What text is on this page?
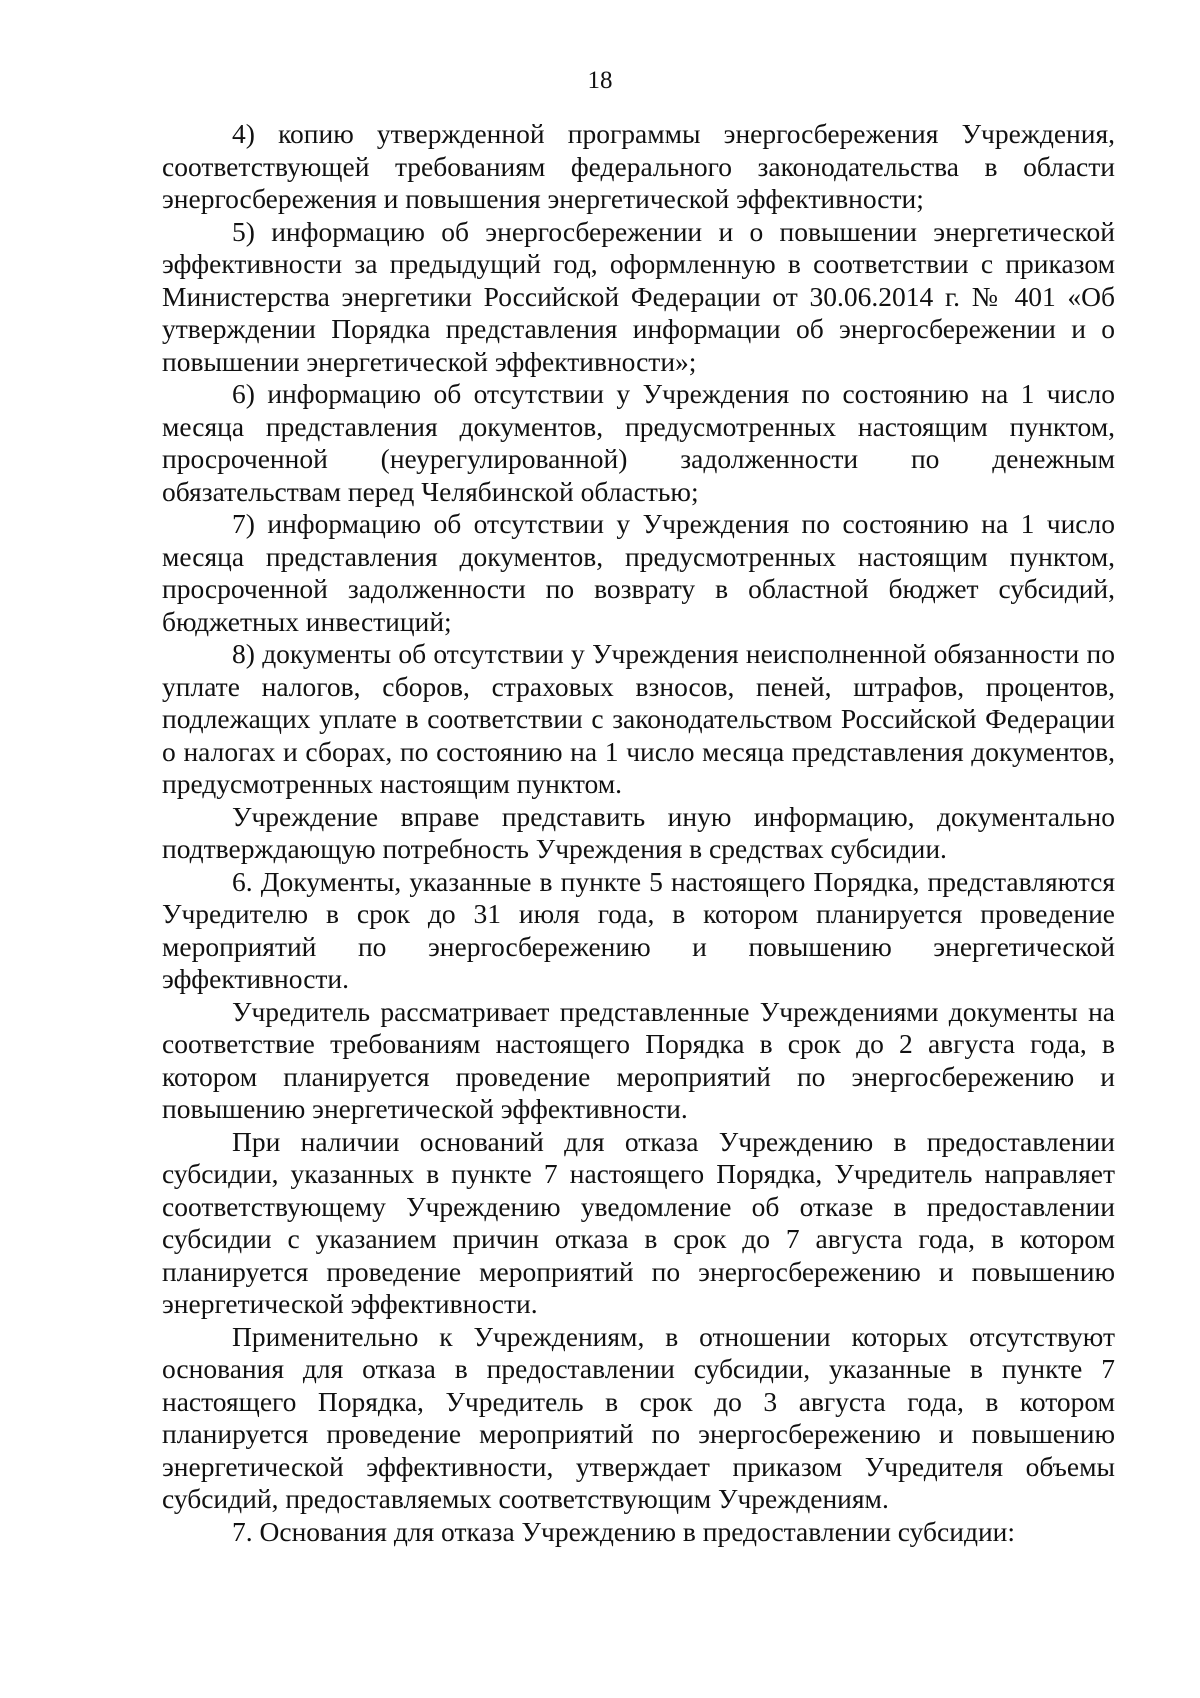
18

4) копию утвержденной программы энергосбережения Учреждения, соответствующей требованиям федерального законодательства в области энергосбережения и повышения энергетической эффективности;

5) информацию об энергосбережении и о повышении энергетической эффективности за предыдущий год, оформленную в соответствии с приказом Министерства энергетики Российской Федерации от 30.06.2014 г. № 401 «Об утверждении Порядка представления информации об энергосбережении и о повышении энергетической эффективности»;

6) информацию об отсутствии у Учреждения по состоянию на 1 число месяца представления документов, предусмотренных настоящим пунктом, просроченной (неурегулированной) задолженности по денежным обязательствам перед Челябинской областью;

7) информацию об отсутствии у Учреждения по состоянию на 1 число месяца представления документов, предусмотренных настоящим пунктом, просроченной задолженности по возврату в областной бюджет субсидий, бюджетных инвестиций;

8) документы об отсутствии у Учреждения неисполненной обязанности по уплате налогов, сборов, страховых взносов, пеней, штрафов, процентов, подлежащих уплате в соответствии с законодательством Российской Федерации о налогах и сборах, по состоянию на 1 число месяца представления документов, предусмотренных настоящим пунктом.

Учреждение вправе представить иную информацию, документально подтверждающую потребность Учреждения в средствах субсидии.

6. Документы, указанные в пункте 5 настоящего Порядка, представляются Учредителю в срок до 31 июля года, в котором планируется проведение мероприятий по энергосбережению и повышению энергетической эффективности.

Учредитель рассматривает представленные Учреждениями документы на соответствие требованиям настоящего Порядка в срок до 2 августа года, в котором планируется проведение мероприятий по энергосбережению и повышению энергетической эффективности.

При наличии оснований для отказа Учреждению в предоставлении субсидии, указанных в пункте 7 настоящего Порядка, Учредитель направляет соответствующему Учреждению уведомление об отказе в предоставлении субсидии с указанием причин отказа в срок до 7 августа года, в котором планируется проведение мероприятий по энергосбережению и повышению энергетической эффективности.

Применительно к Учреждениям, в отношении которых отсутствуют основания для отказа в предоставлении субсидии, указанные в пункте 7 настоящего Порядка, Учредитель в срок до 3 августа года, в котором планируется проведение мероприятий по энергосбережению и повышению энергетической эффективности, утверждает приказом Учредителя объемы субсидий, предоставляемых соответствующим Учреждениям.

7. Основания для отказа Учреждению в предоставлении субсидии:
